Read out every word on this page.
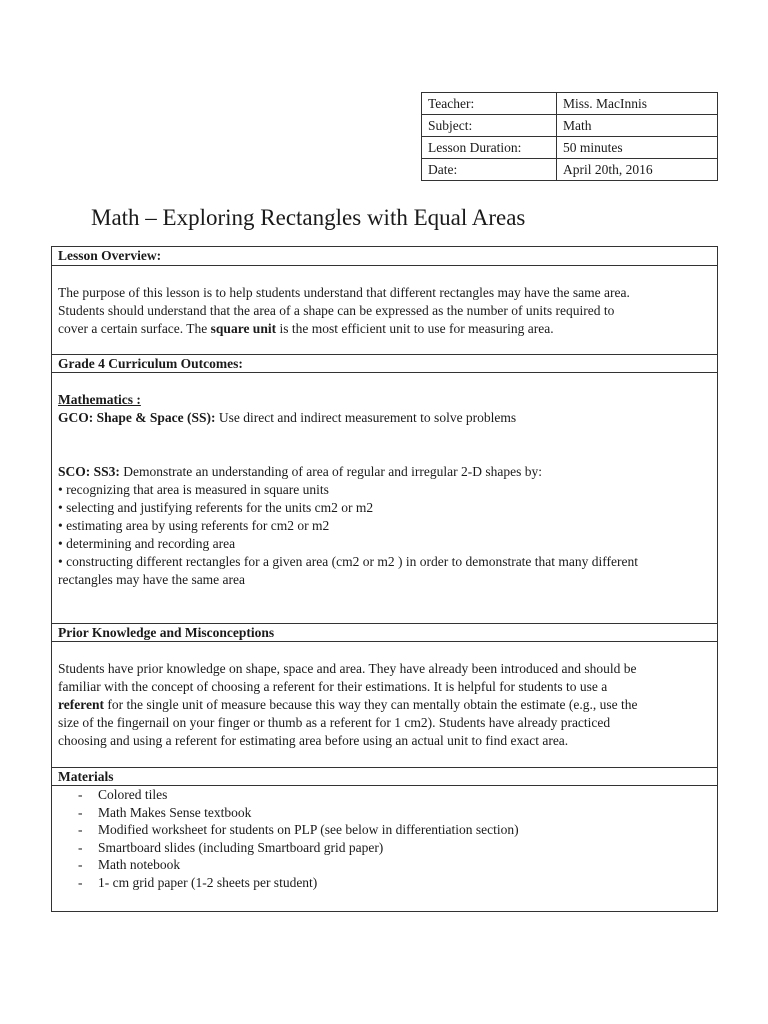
Teacher:	Miss. MacInnis
Subject:	Math
Lesson Duration:	50 minutes
Date:	April 20th, 2016
Math – Exploring Rectangles with Equal Areas
Lesson Overview:

The purpose of this lesson is to help students understand that different rectangles may have the same area.

Students should understand that the area of a shape can be expressed as the number of units required to

cover a certain surface. The square unit is the most efficient unit to use for measuring area.

Grade 4 Curriculum Outcomes:

Mathematics :

GCO: Shape & Space (SS): Use direct and indirect measurement to solve problems

SCO: SS3: Demonstrate an understanding of area of regular and irregular 2-D shapes by:

• recognizing that area is measured in square units

• selecting and justifying referents for the units cm2 or m2

• estimating area by using referents for cm2 or m2

• determining and recording area

• constructing different rectangles for a given area (cm2 or m2 ) in order to demonstrate that many different

rectangles may have the same area

Prior Knowledge and Misconceptions

Students have prior knowledge on shape, space and area. They have already been introduced and should be

familiar with the concept of choosing a referent for their estimations. It is helpful for students to use a

referent for the single unit of measure because this way they can mentally obtain the estimate (e.g., use the

size of the fingernail on your finger or thumb as a referent for 1 cm2). Students have already practiced

choosing and using a referent for estimating area before using an actual unit to find exact area.

Materials
- Colored tiles
- Math Makes Sense textbook
- Modified worksheet for students on PLP (see below in differentiation section)
- Smartboard slides (including Smartboard grid paper)
- Math notebook
- 1- cm grid paper (1-2 sheets per student)
